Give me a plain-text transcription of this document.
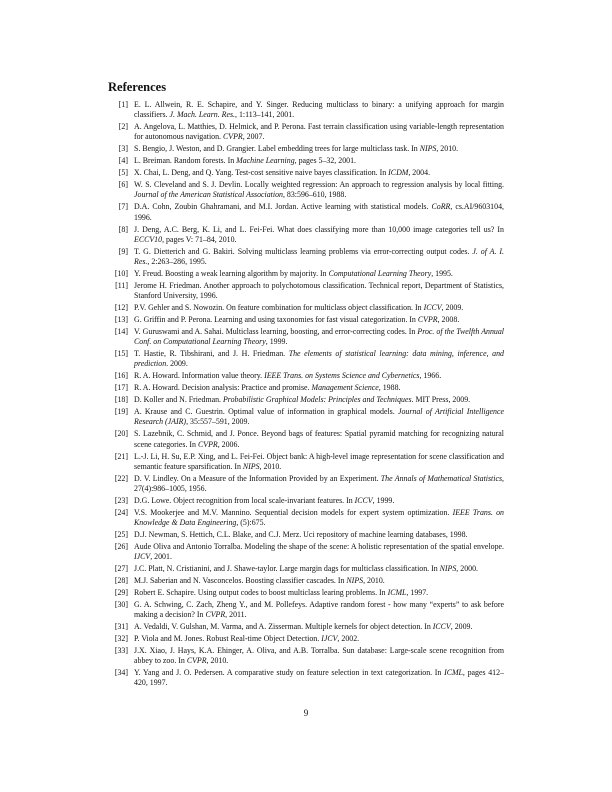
References
[1] E. L. Allwein, R. E. Schapire, and Y. Singer. Reducing multiclass to binary: a unifying approach for margin classifiers. J. Mach. Learn. Res., 1:113–141, 2001.
[2] A. Angelova, L. Matthies, D. Helmick, and P. Perona. Fast terrain classification using variable-length representation for autonomous navigation. CVPR, 2007.
[3] S. Bengio, J. Weston, and D. Grangier. Label embedding trees for large multiclass task. In NIPS, 2010.
[4] L. Breiman. Random forests. In Machine Learning, pages 5–32, 2001.
[5] X. Chai, L. Deng, and Q. Yang. Test-cost sensitive naive bayes classification. In ICDM, 2004.
[6] W. S. Cleveland and S. J. Devlin. Locally weighted regression: An approach to regression analysis by local fitting. Journal of the American Statistical Association, 83:596–610, 1988.
[7] D.A. Cohn, Zoubin Ghahramani, and M.I. Jordan. Active learning with statistical models. CoRR, cs.AI/9603104, 1996.
[8] J. Deng, A.C. Berg, K. Li, and L. Fei-Fei. What does classifying more than 10,000 image categories tell us? In ECCV10, pages V: 71–84, 2010.
[9] T. G. Dietterich and G. Bakiri. Solving multiclass learning problems via error-correcting output codes. J. of A. I. Res., 2:263–286, 1995.
[10] Y. Freud. Boosting a weak learning algorithm by majority. In Computational Learning Theory, 1995.
[11] Jerome H. Friedman. Another approach to polychotomous classification. Technical report, Department of Statistics, Stanford University, 1996.
[12] P.V. Gehler and S. Nowozin. On feature combination for multiclass object classification. In ICCV, 2009.
[13] G. Griffin and P. Perona. Learning and using taxonomies for fast visual categorization. In CVPR, 2008.
[14] V. Guruswami and A. Sahai. Multiclass learning, boosting, and error-correcting codes. In Proc. of the Twelfth Annual Conf. on Computational Learning Theory, 1999.
[15] T. Hastie, R. Tibshirani, and J. H. Friedman. The elements of statistical learning: data mining, inference, and prediction. 2009.
[16] R. A. Howard. Information value theory. IEEE Trans. on Systems Science and Cybernetics, 1966.
[17] R. A. Howard. Decision analysis: Practice and promise. Management Science, 1988.
[18] D. Koller and N. Friedman. Probabilistic Graphical Models: Principles and Techniques. MIT Press, 2009.
[19] A. Krause and C. Guestrin. Optimal value of information in graphical models. Journal of Artificial Intelligence Research (JAIR), 35:557–591, 2009.
[20] S. Lazebnik, C. Schmid, and J. Ponce. Beyond bags of features: Spatial pyramid matching for recognizing natural scene categories. In CVPR, 2006.
[21] L.-J. Li, H. Su, E.P. Xing, and L. Fei-Fei. Object bank: A high-level image representation for scene classification and semantic feature sparsification. In NIPS, 2010.
[22] D. V. Lindley. On a Measure of the Information Provided by an Experiment. The Annals of Mathematical Statistics, 27(4):986–1005, 1956.
[23] D.G. Lowe. Object recognition from local scale-invariant features. In ICCV, 1999.
[24] V.S. Mookerjee and M.V. Mannino. Sequential decision models for expert system optimization. IEEE Trans. on Knowledge & Data Engineering, (5):675.
[25] D.J. Newman, S. Hettich, C.L. Blake, and C.J. Merz. Uci repository of machine learning databases, 1998.
[26] Aude Oliva and Antonio Torralba. Modeling the shape of the scene: A holistic representation of the spatial envelope. IJCV, 2001.
[27] J.C. Platt, N. Cristianini, and J. Shawe-taylor. Large margin dags for multiclass classification. In NIPS, 2000.
[28] M.J. Saberian and N. Vasconcelos. Boosting classifier cascades. In NIPS, 2010.
[29] Robert E. Schapire. Using output codes to boost multiclass learing problems. In ICML, 1997.
[30] G. A. Schwing, C. Zach, Zheng Y., and M. Pollefeys. Adaptive random forest - how many “experts” to ask before making a decision? In CVPR, 2011.
[31] A. Vedaldi, V. Gulshan, M. Varma, and A. Zisserman. Multiple kernels for object detection. In ICCV, 2009.
[32] P. Viola and M. Jones. Robust Real-time Object Detection. IJCV, 2002.
[33] J.X. Xiao, J. Hays, K.A. Ehinger, A. Oliva, and A.B. Torralba. Sun database: Large-scale scene recognition from abbey to zoo. In CVPR, 2010.
[34] Y. Yang and J. O. Pedersen. A comparative study on feature selection in text categorization. In ICML, pages 412–420, 1997.
9
